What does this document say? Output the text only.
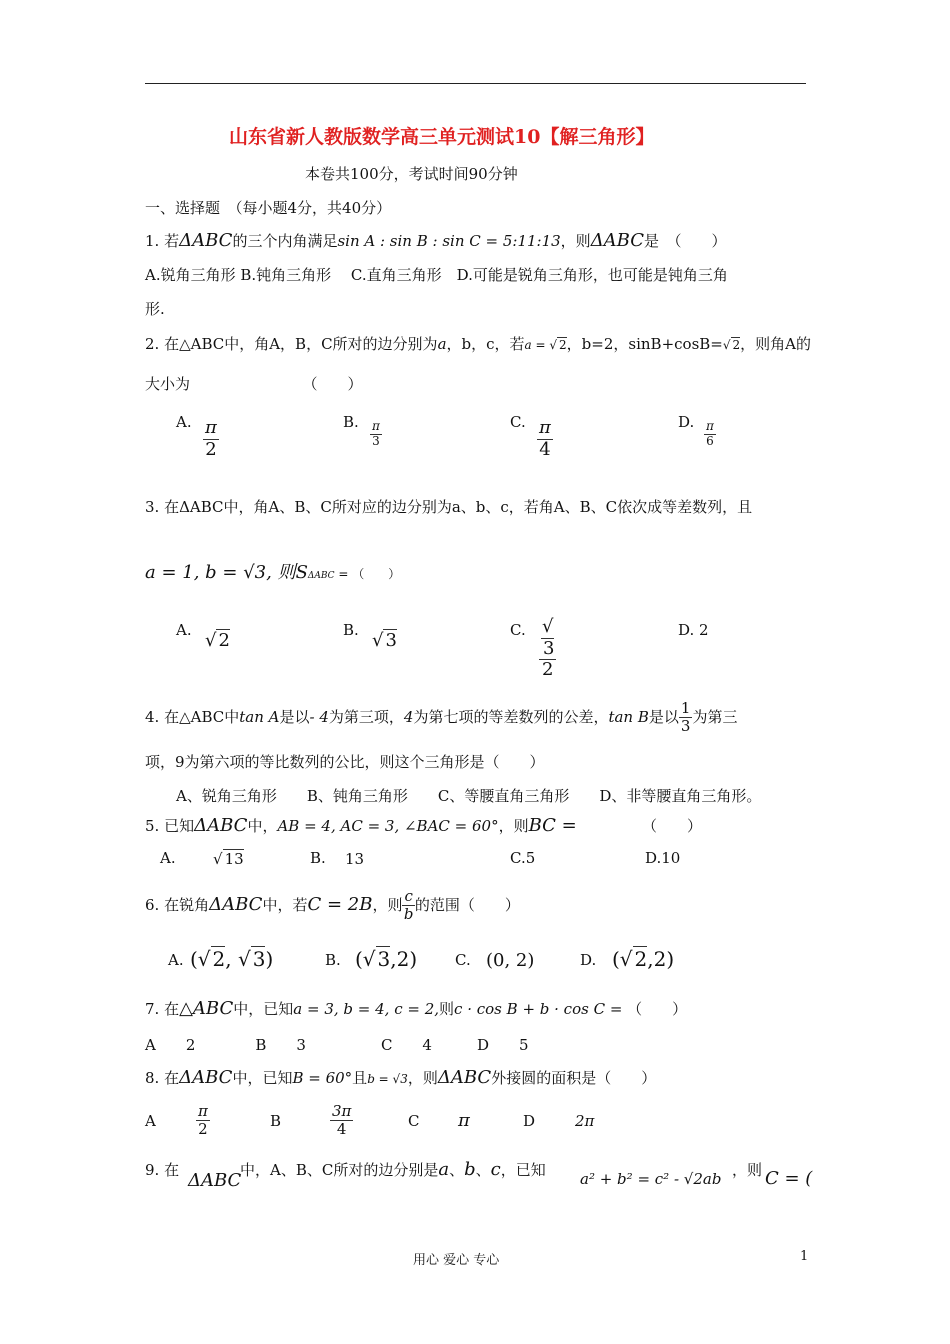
山东省新人教版数学高三单元测试10【解三角形】
本卷共100分，考试时间90分钟
一、选择题　（每小题4分，共40分）
1. 若ΔABC的三个内角满足sin A : sin B : sin C = 5:11:13，则ΔABC是　（　　）
A.锐角三角形 B.钝角三角形　 C.直角三角形　D.可能是锐角三角形，也可能是钝角三角
形.
2. 在△ABC中，角A，B，C所对的边分别为a，b，c，若a = √ 2，b=2，sinB+cosB=√ 2，则角A的
大小为　　　　　　　　（　　）
A. $\frac{\pi}{2}$	B. $\frac{\pi}{3}$	C. $\frac{\pi}{4}$	D. $\frac{\pi}{6}$
3. 在ΔABC中，角A、B、C所对应的边分别为a、b、c，若角A、B、C依次成等差数列，且
a = 1, b = √3, 则SΔABC = （　　）
A. √ 2	B. √ 3	C. √
3
2	D. 2
4. 在△ABC中tan A是以- 4为第三项，4为第七项的等差数列的公差，tan B是以 $\frac{1}{3}$ 为第三
项，9为第六项的等比数列的公比，则这个三角形是（　　）
A、锐角三角形　　B、钝角三角形　　C、等腰直角三角形　　D、非等腰直角三角形。
5. 已知ΔABC中，AB = 4, AC = 3, ∠BAC = 60°，则BC =	（　　）
A. √ 13	B. 13	C.5	D.10
6. 在锐角ΔABC中，若C = 2B，则 $\frac{c}{b}$ 的范围（　　）
A. (√ 2, √ 3)	B. (√ 3,2)	C. (0, 2)	D. (√ 2,2)
7. 在△ABC中，已知a = 3, b = 4, c = 2,则c · cos B + b · cos C = （　　）
A　　2　　　　B　　3　　　　　C　　4　　　D　　5
8. 在ΔABC中，已知B = 60°且b = √3，则ΔABC外接圆的面积是（　　）
A	$\frac{\pi}{2}$	B	$\frac{3\pi}{4}$	C π	D	2π
9. 在 ΔABC
中，A、B、C所对的边分别是a、b、c，已知 a² + b² = c² - √2ab ，则 C = (
用心 爱心 专心	1
